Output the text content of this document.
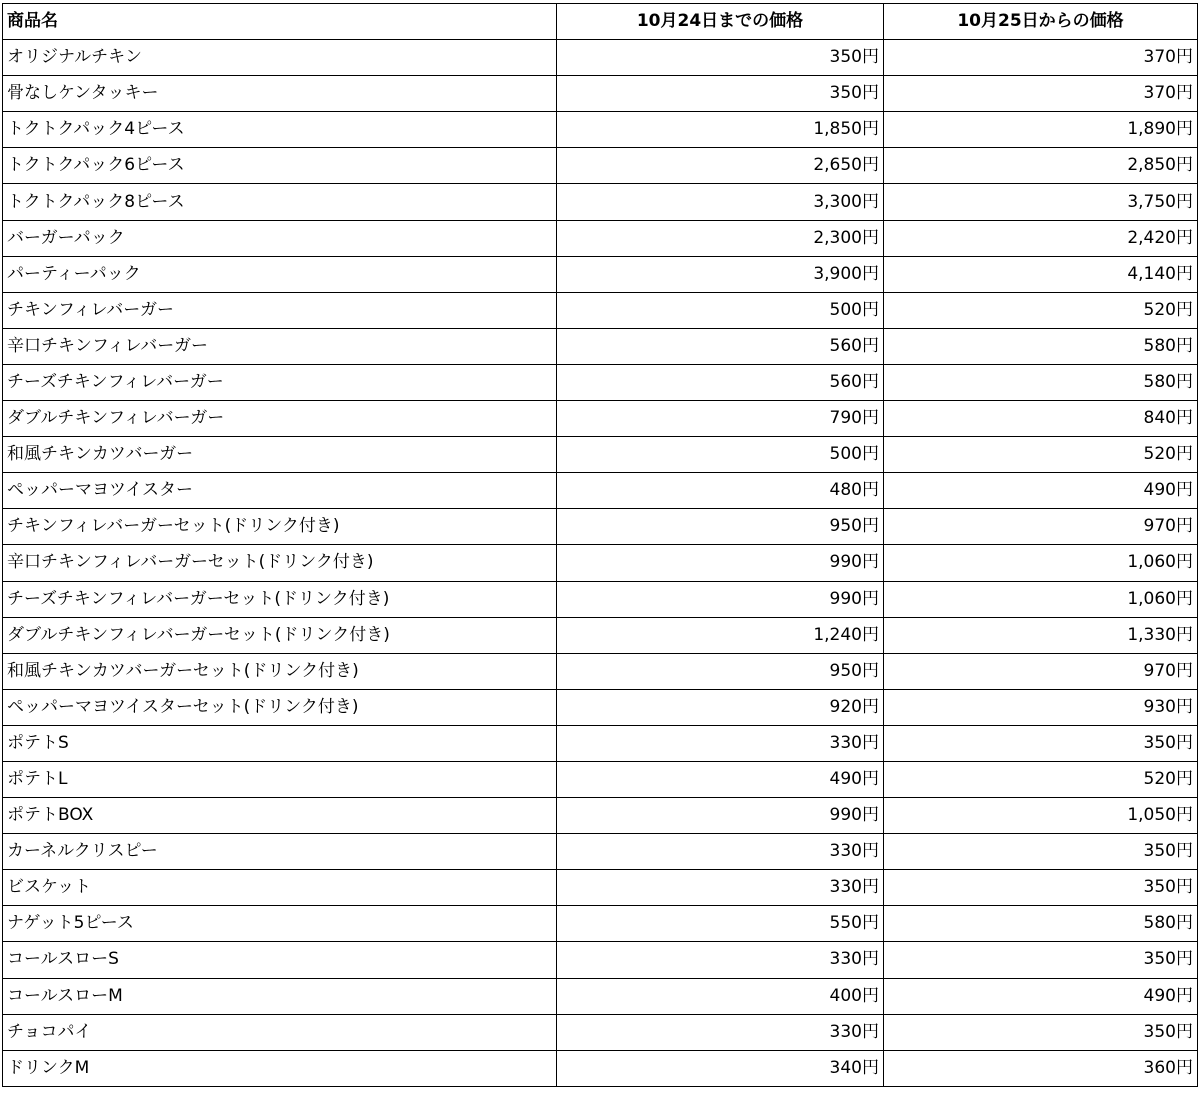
商品名	10月24日までの価格	10月25日からの価格
オリジナルチキン	350円	370円
骨なしケンタッキー	350円	370円
トクトクパック4ピース	1,850円	1,890円
トクトクパック6ピース	2,650円	2,850円
トクトクパック8ピース	3,300円	3,750円
バーガーパック	2,300円	2,420円
パーティーパック	3,900円	4,140円
チキンフィレバーガー	500円	520円
辛口チキンフィレバーガー	560円	580円
チーズチキンフィレバーガー	560円	580円
ダブルチキンフィレバーガー	790円	840円
和風チキンカツバーガー	500円	520円
ペッパーマヨツイスター	480円	490円
チキンフィレバーガーセット(ドリンク付き)	950円	970円
辛口チキンフィレバーガーセット(ドリンク付き)	990円	1,060円
チーズチキンフィレバーガーセット(ドリンク付き)	990円	1,060円
ダブルチキンフィレバーガーセット(ドリンク付き)	1,240円	1,330円
和風チキンカツバーガーセット(ドリンク付き)	950円	970円
ペッパーマヨツイスターセット(ドリンク付き)	920円	930円
ポテトS	330円	350円
ポテトL	490円	520円
ポテトBOX	990円	1,050円
カーネルクリスピー	330円	350円
ビスケット	330円	350円
ナゲット5ピース	550円	580円
コールスローS	330円	350円
コールスローM	400円	490円
チョコパイ	330円	350円
ドリンクM	340円	360円
